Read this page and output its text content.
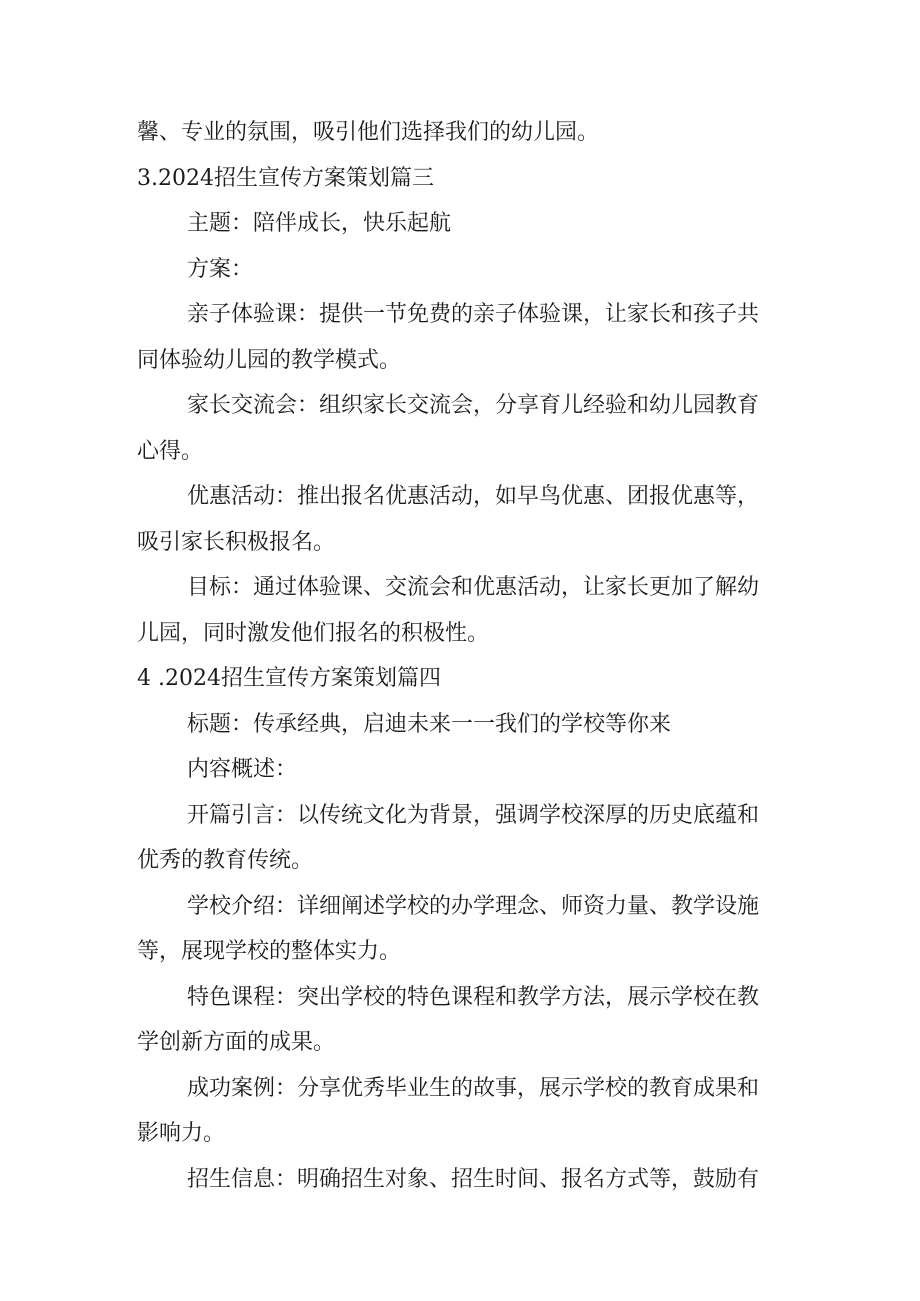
馨、专业的氛围，吸引他们选择我们的幼儿园。
3.2024招生宣传方案策划篇三
主题：陪伴成长，快乐起航
方案：
亲子体验课：提供一节免费的亲子体验课，让家长和孩子共
同体验幼儿园的教学模式。
家长交流会：组织家长交流会，分享育儿经验和幼儿园教育
心得。
优惠活动：推出报名优惠活动，如早鸟优惠、团报优惠等，
吸引家长积极报名。
目标：通过体验课、交流会和优惠活动，让家长更加了解幼
儿园，同时激发他们报名的积极性。
4 .2024招生宣传方案策划篇四
标题：传承经典，启迪未来一一我们的学校等你来
内容概述：
开篇引言：以传统文化为背景，强调学校深厚的历史底蕴和
优秀的教育传统。
学校介绍：详细阐述学校的办学理念、师资力量、教学设施
等，展现学校的整体实力。
特色课程：突出学校的特色课程和教学方法，展示学校在教
学创新方面的成果。
成功案例：分享优秀毕业生的故事，展示学校的教育成果和
影响力。
招生信息：明确招生对象、招生时间、报名方式等，鼓励有
